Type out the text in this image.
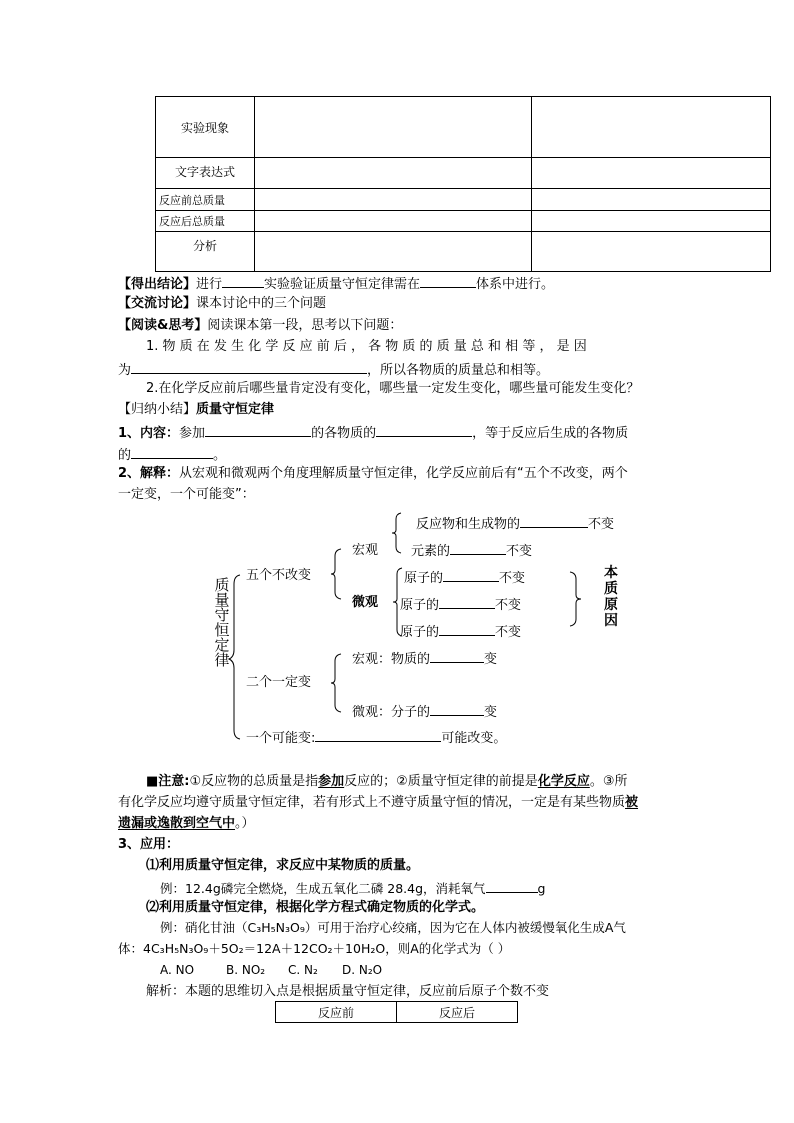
实验现象		
文字表达式		
反应前总质量		
反应后总质量		
分析		
【得出结论】进行	实验验证质量守恒定律需在	体系中进行。
【交流讨论】课本讨论中的三个问题
【阅读&思考】阅读课本第一段，思考以下问题：
1. 物 质 在 发 生 化 学 反 应 前 后 ， 各 物 质 的 质 量 总 和 相 等 ， 是 因
为	，所以各物质的质量总和相等。
2.在化学反应前后哪些量肯定没有变化，哪些量一定发生变化，哪些量可能发生变化？
【归纳小结】质量守恒定律
1、内容：参加	的各物质的	，等于反应后生成的各物质
的	。
2、解释：从宏观和微观两个角度理解质量守恒定律，化学反应前后有“五个不改变，两个
一定变，一个可能变”：
质量守恒定律
五个不改变
宏观
微观
反应物和生成物的	不变
元素的	不变
原子的	不变
原子的	不变
原子的	不变
本质原因
二个一定变
宏观：物质的	变
微观：分子的	变
一个可能变:	可能改变。
■注意:①反应物的总质量是指参加反应的；②质量守恒定律的前提是化学反应。③所
有化学反应均遵守质量守恒定律，若有形式上不遵守质量守恒的情况，一定是有某些物质被
遗漏或逸散到空气中。）
3、应用：
⑴利用质量守恒定律，求反应中某物质的质量。
例：12.4g磷完全燃烧，生成五氧化二磷 28.4g，消耗氧气	g
⑵利用质量守恒定律，根据化学方程式确定物质的化学式。
例：硝化甘油（C₃H₅N₃O₉）可用于治疗心绞痛，因为它在人体内被缓慢氧化生成A气
体：4C₃H₅N₃O₉＋5O₂＝12A＋12CO₂＋10H₂O，则A的化学式为（ ）
A. NO	B. NO₂ C. N₂ D. N₂O
解析：本题的思维切入点是根据质量守恒定律，反应前后原子个数不变
反应前	反应后
